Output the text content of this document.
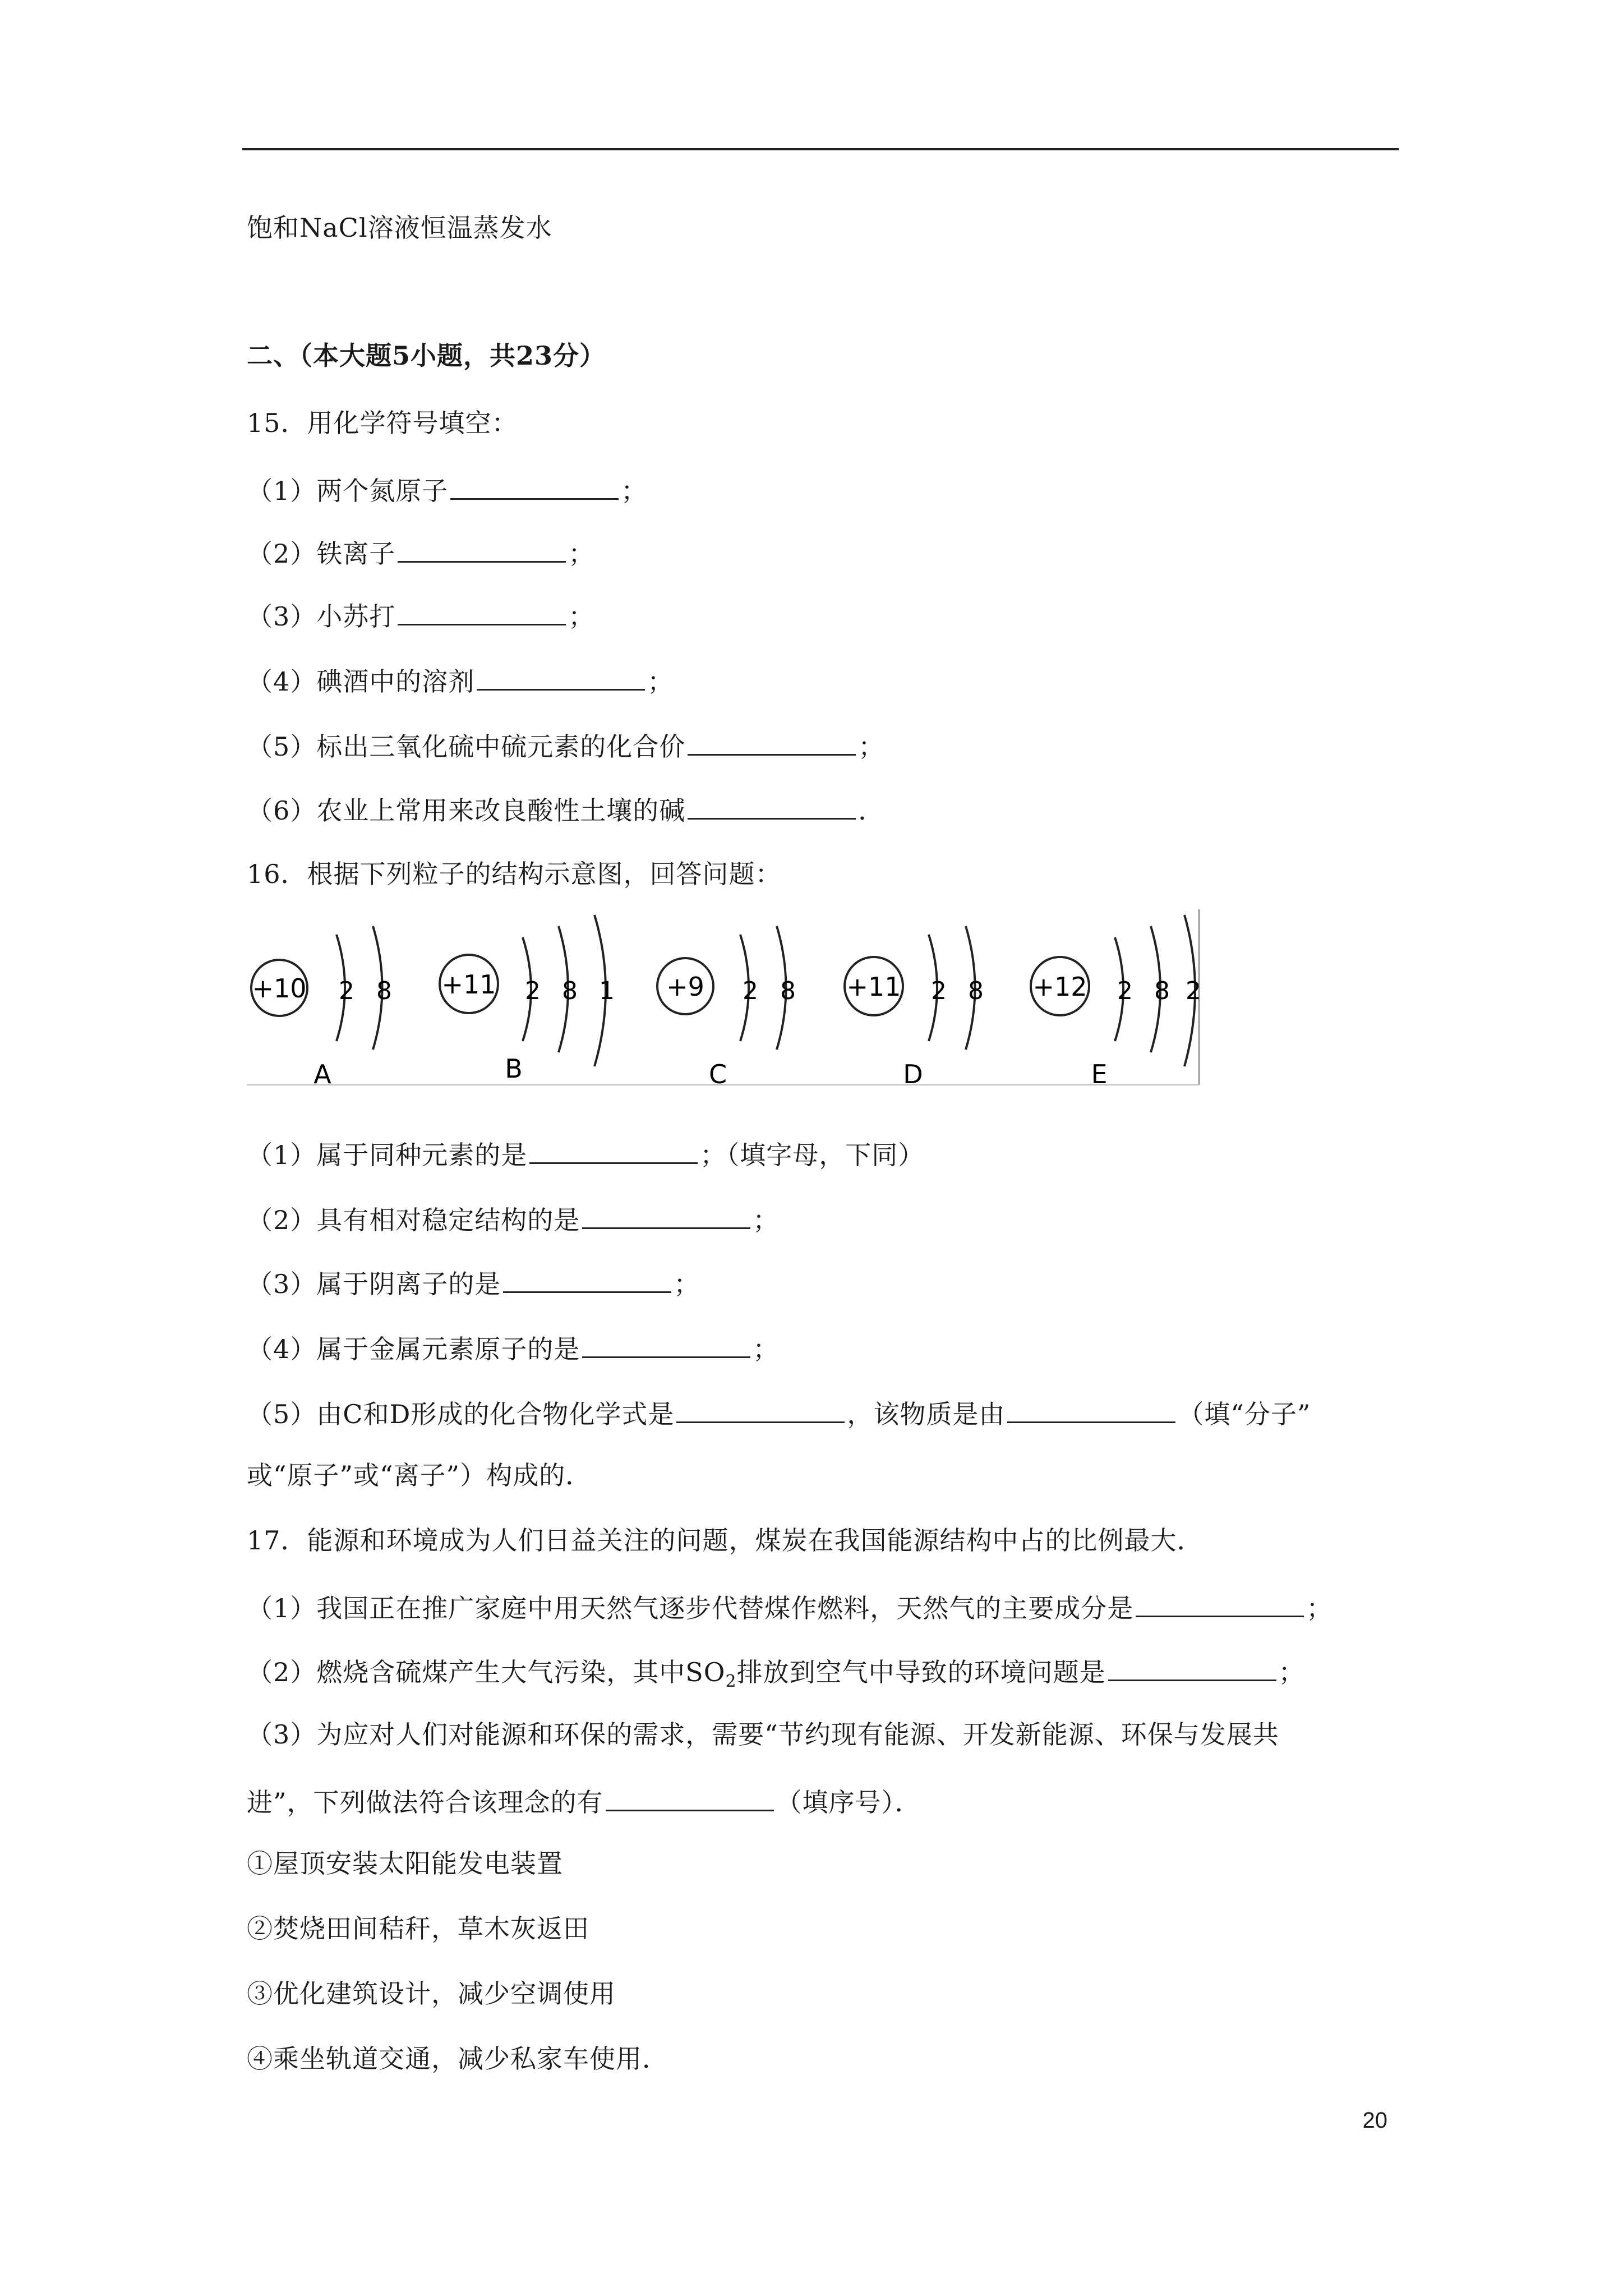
饱和NaCl溶液恒温蒸发水
二、（本大题5小题，共23分）
15．用化学符号填空：
（1）两个氮原子	；
（2）铁离子	；
（3）小苏打	；
（4）碘酒中的溶剂	；
（5）标出三氧化硫中硫元素的化合价	；
（6）农业上常用来改良酸性土壤的碱	．
16．根据下列粒子的结构示意图，回答问题：
+10 2 8
A
+11 2 8 1
B
+9 2 8
C
+11 2 8
D
+12 2 8 2
E
（1）属于同种元素的是	；（填字母，下同）
（2）具有相对稳定结构的是	；
（3）属于阴离子的是	；
（4）属于金属元素原子的是	；
（5）由C和D形成的化合物化学式是	，该物质是由	（填“分子”
或“原子”或“离子”）构成的．
17．能源和环境成为人们日益关注的问题，煤炭在我国能源结构中占的比例最大．
（1）我国正在推广家庭中用天然气逐步代替煤作燃料，天然气的主要成分是	；
（2）燃烧含硫煤产生大气污染，其中$SO_2$排放到空气中导致的环境问题是	；
（3）为应对人们对能源和环保的需求，需要“节约现有能源、开发新能源、环保与发展共
进”，下列做法符合该理念的有	（填序号）．
①屋顶安装太阳能发电装置
②焚烧田间秸秆，草木灰返田
③优化建筑设计，减少空调使用
④乘坐轨道交通，减少私家车使用．
20
